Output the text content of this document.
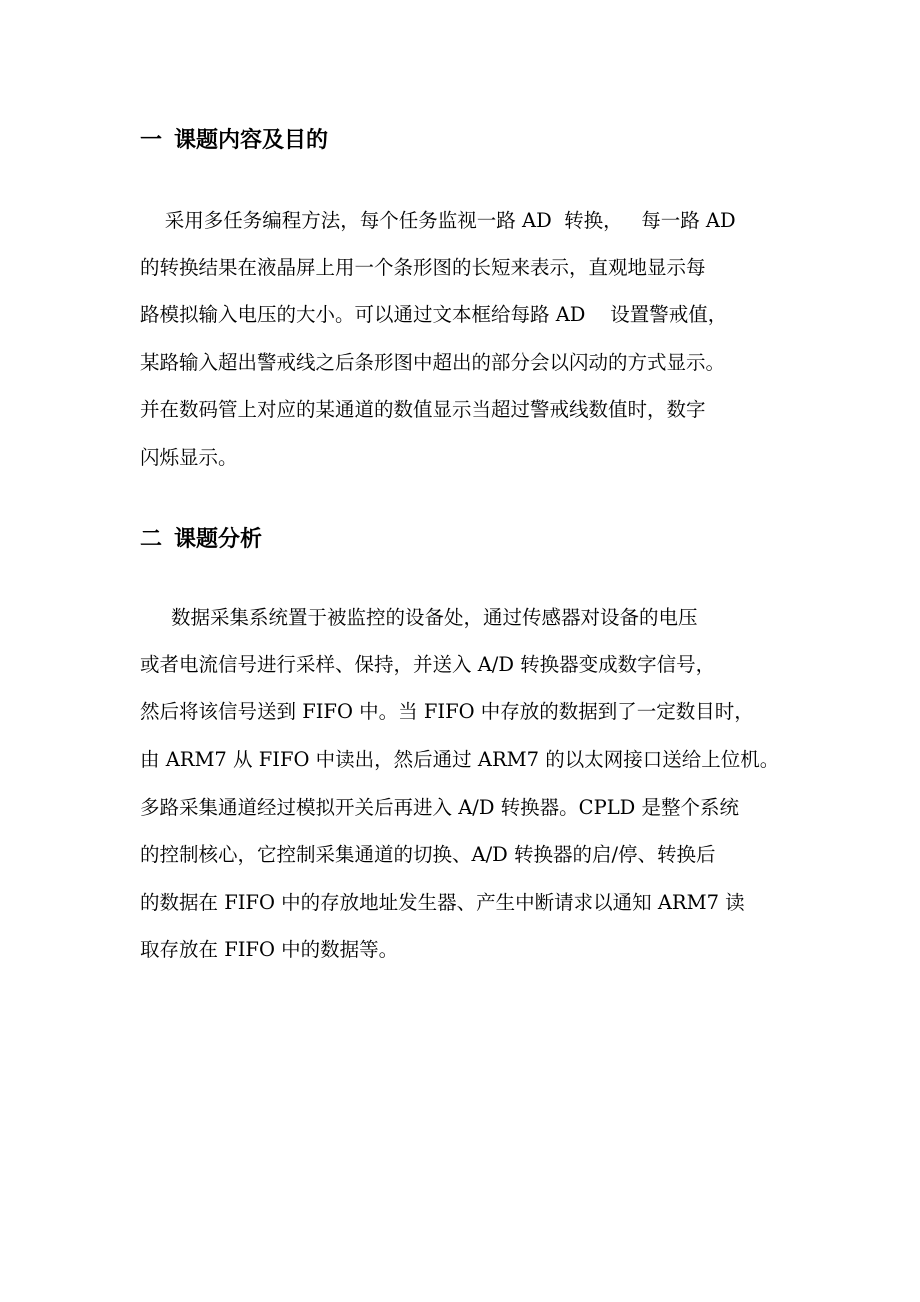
一 课题内容及目的

采用多任务编程方法，每个任务监视一路 AD  转换，   每一路 AD

的转换结果在液晶屏上用一个条形图的长短来表示，直观地显示每

路模拟输入电压的大小。可以通过文本框给每路 AD    设置警戒值，

某路输入超出警戒线之后条形图中超出的部分会以闪动的方式显示。

并在数码管上对应的某通道的数值显示当超过警戒线数值时，数字

闪烁显示。

二 课题分析

数据采集系统置于被监控的设备处，通过传感器对设备的电压

或者电流信号进行采样、保持，并送入 A/D 转换器变成数字信号，

然后将该信号送到 FIFO 中。当 FIFO 中存放的数据到了一定数目时，

由 ARM7 从 FIFO 中读出，然后通过 ARM7 的以太网接口送给上位机。

多路采集通道经过模拟开关后再进入 A/D 转换器。CPLD 是整个系统

的控制核心，它控制采集通道的切换、A/D 转换器的启/停、转换后

的数据在 FIFO 中的存放地址发生器、产生中断请求以通知 ARM7 读

取存放在 FIFO 中的数据等。
